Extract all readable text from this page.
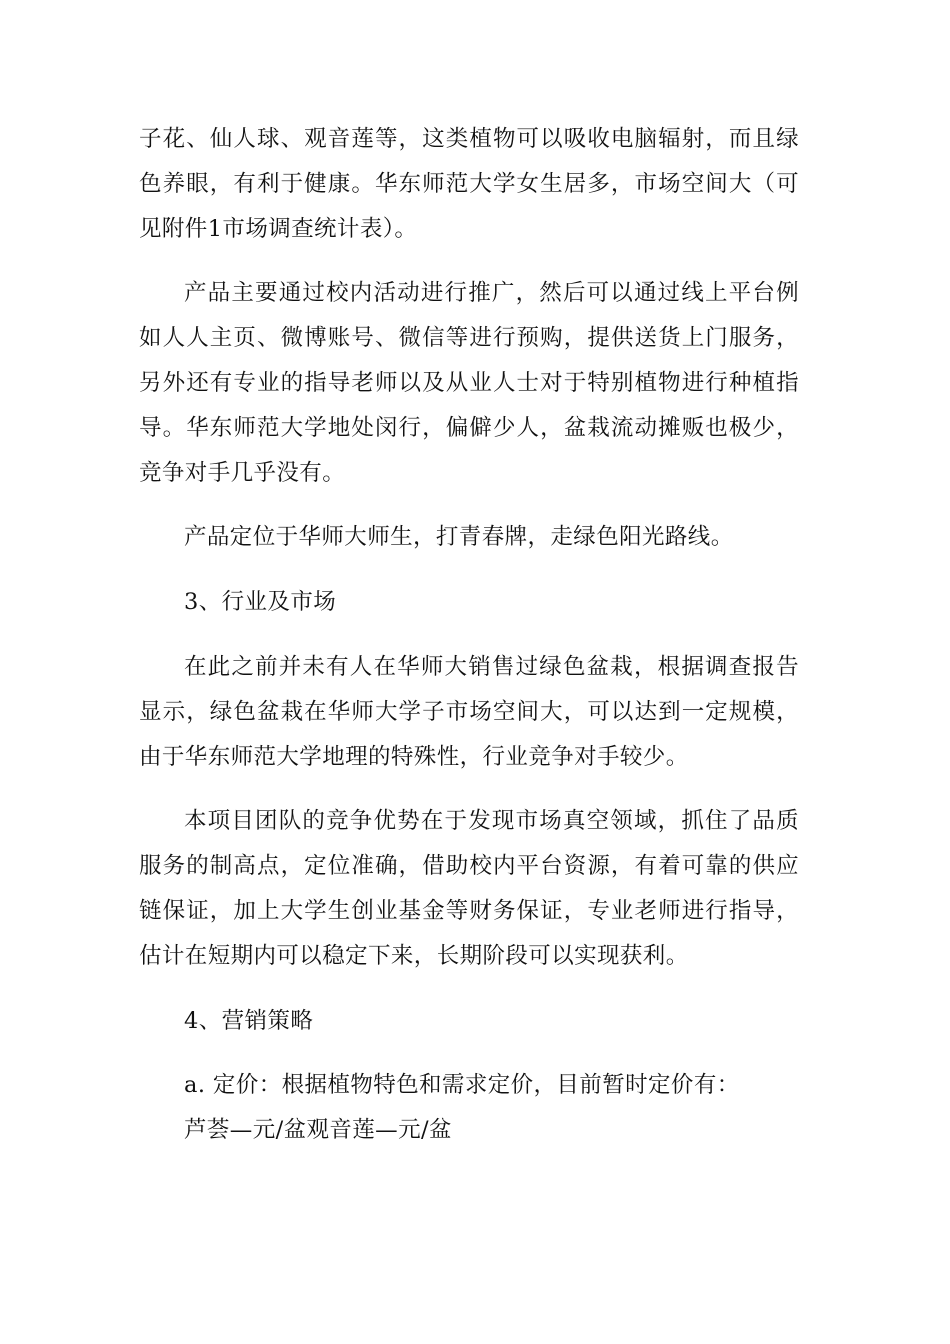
子花、仙人球、观音莲等，这类植物可以吸收电脑辐射，而且绿色养眼，有利于健康。华东师范大学女生居多，市场空间大（可见附件1市场调查统计表）。

产品主要通过校内活动进行推广，然后可以通过线上平台例如人人主页、微博账号、微信等进行预购，提供送货上门服务，另外还有专业的指导老师以及从业人士对于特别植物进行种植指导。华东师范大学地处闵行，偏僻少人，盆栽流动摊贩也极少，竞争对手几乎没有。

产品定位于华师大师生，打青春牌，走绿色阳光路线。

3、行业及市场

在此之前并未有人在华师大销售过绿色盆栽，根据调查报告显示，绿色盆栽在华师大学子市场空间大，可以达到一定规模，由于华东师范大学地理的特殊性，行业竞争对手较少。

本项目团队的竞争优势在于发现市场真空领域，抓住了品质服务的制高点，定位准确，借助校内平台资源，有着可靠的供应链保证，加上大学生创业基金等财务保证，专业老师进行指导，估计在短期内可以稳定下来，长期阶段可以实现获利。

4、营销策略

a. 定价：根据植物特色和需求定价，目前暂时定价有：

芦荟—元/盆观音莲—元/盆
